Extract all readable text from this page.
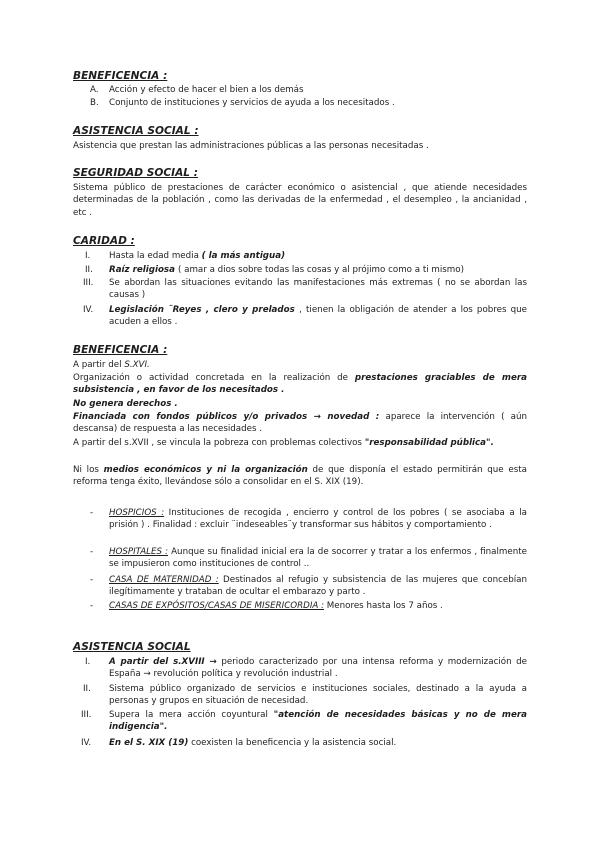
BENEFICENCIA :

A. Acción y efecto de hacer el bien a los demás

B. Conjunto de instituciones y servicios de ayuda a los necesitados .

ASISTENCIA SOCIAL :

Asistencia que prestan las administraciones públicas a las personas necesitadas .

SEGURIDAD SOCIAL :

Sistema público de prestaciones de carácter económico o asistencial , que atiende necesidades determinadas de la población , como las derivadas de la enfermedad , el desempleo , la ancianidad , etc .

CARIDAD :

I. Hasta la edad media ( la más antigua)

II. Raíz religiosa ( amar a dios sobre todas las cosas y al prójimo como a ti mismo)

III. Se abordan las situaciones evitando las manifestaciones más extremas ( no se abordan las causas )

IV. Legislación ¨Reyes , clero y prelados , tienen la obligación de atender a los pobres que acuden a ellos .

BENEFICENCIA :

A partir del S.XVI.

Organización o actividad concretada en la realización de prestaciones graciables de mera subsistencia , en favor de los necesitados .

No genera derechos .

Financiada con fondos públicos y/o privados → novedad : aparece la intervención ( aún descansa) de respuesta a las necesidades .

A partir del s.XVII , se vincula la pobreza con problemas colectivos "responsabilidad pública".

Ni los medios económicos y ni la organización de que disponía el estado permitirán que esta reforma tenga éxito, llevándose sólo a consolidar en el S. XIX (19).

- HOSPICIOS : Instituciones de recogida , encierro y control de los pobres ( se asociaba a la prisión ) . Finalidad : excluir ¨indeseables¨y transformar sus hábitos y comportamiento .

- HOSPITALES : Aunque su finalidad inicial era la de socorrer y tratar a los enfermos , finalmente se impusieron como instituciones de control ..

- CASA DE MATERNIDAD : Destinados al refugio y subsistencia de las mujeres que concebían ilegítimamente y trataban de ocultar el embarazo y parto .

- CASAS DE EXPÓSITOS/CASAS DE MISERICORDIA : Menores hasta los 7 años .

ASISTENCIA SOCIAL

I. A partir del s.XVIII → periodo caracterizado por una intensa reforma y modernización de España → revolución política y revolución industrial .

II. Sistema público organizado de servicios e instituciones sociales, destinado a la ayuda a personas y grupos en situación de necesidad.

III. Supera la mera acción coyuntural "atención de necesidades básicas y no de mera indigencia".

IV. En el S. XIX (19) coexisten la beneficencia y la asistencia social.
